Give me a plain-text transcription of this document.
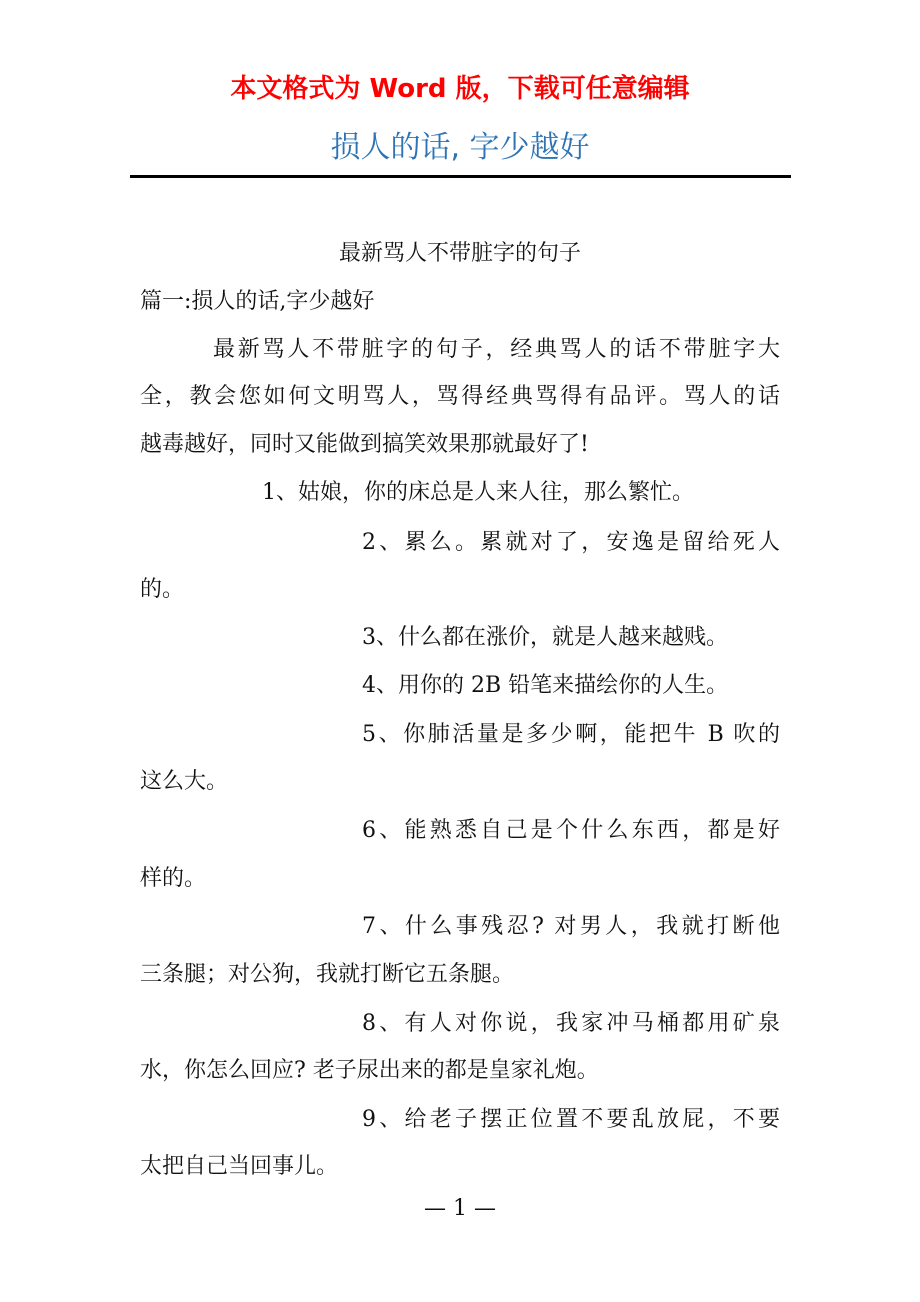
本文格式为 Word 版，下载可任意编辑
损人的话, 字少越好
最新骂人不带脏字的句子
篇一:损人的话,字少越好
最新骂人不带脏字的句子，经典骂人的话不带脏字大
全，教会您如何文明骂人，骂得经典骂得有品评。骂人的话
越毒越好，同时又能做到搞笑效果那就最好了!
1、姑娘，你的床总是人来人往，那么繁忙。
2、累么。累就对了，安逸是留给死人
的。
3、什么都在涨价，就是人越来越贱。
4、用你的 2B 铅笔来描绘你的人生。
5、你肺活量是多少啊，能把牛 B 吹的
这么大。
6、能熟悉自己是个什么东西，都是好
样的。
7、什么事残忍? 对男人，我就打断他
三条腿；对公狗，我就打断它五条腿。
8、有人对你说，我家冲马桶都用矿泉
水，你怎么回应? 老子尿出来的都是皇家礼炮。
9、给老子摆正位置不要乱放屁，不要
太把自己当回事儿。
— 1 —
